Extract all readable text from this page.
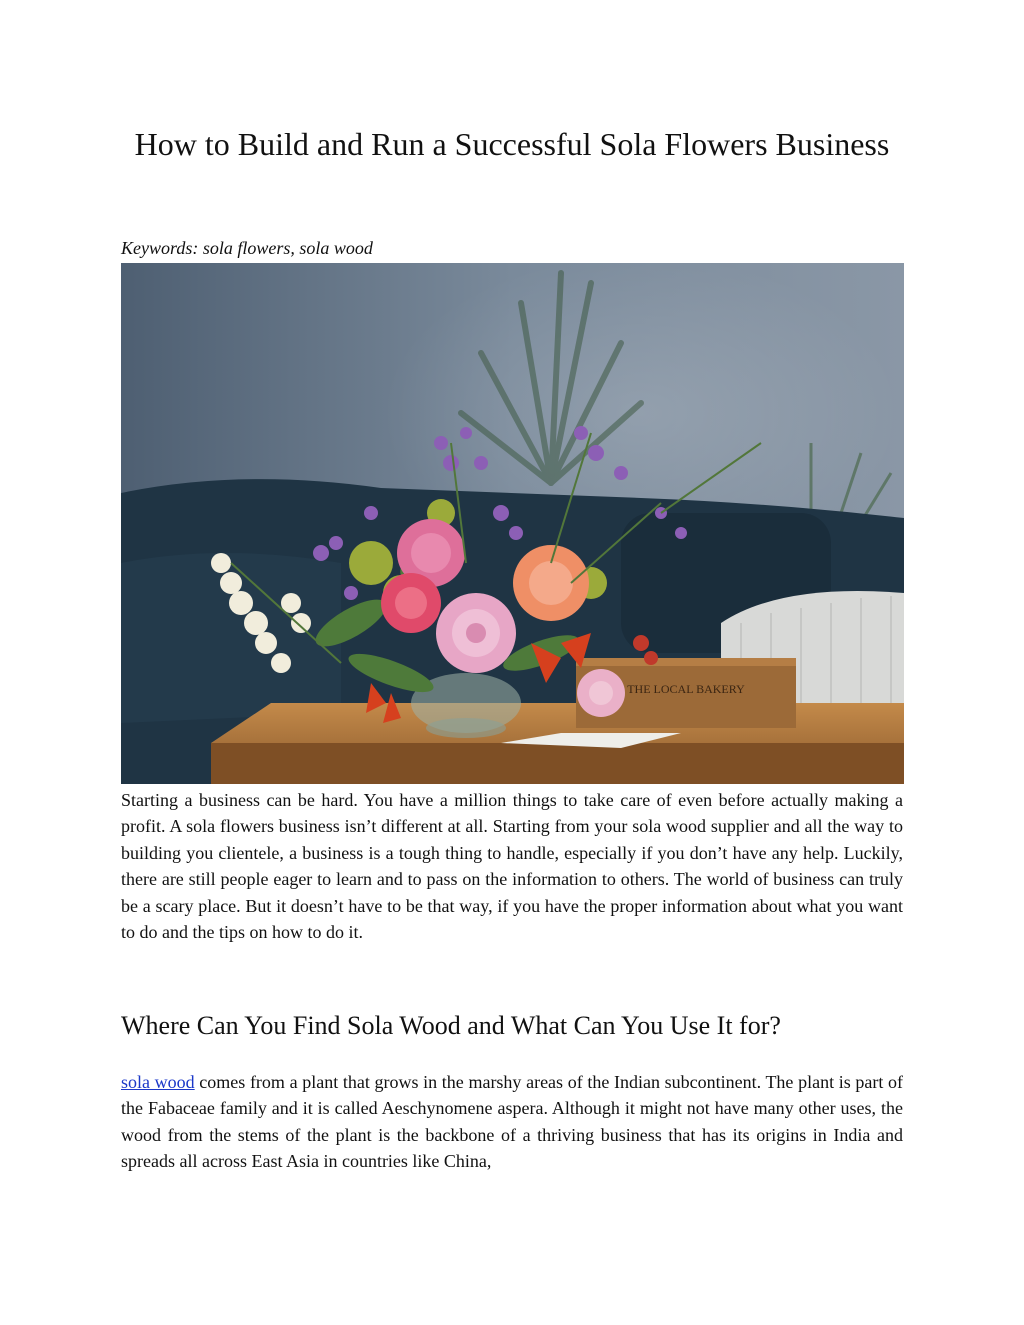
How to Build and Run a Successful Sola Flowers Business

Keywords: sola flowers, sola wood

THE LOCAL BAKERY

Starting a business can be hard. You have a million things to take care of even before actually making a profit. A sola flowers business isn’t different at all. Starting from your sola wood supplier and all the way to building you clientele, a business is a tough thing to handle, especially if you don’t have any help. Luckily, there are still people eager to learn and to pass on the information to others. The world of business can truly be a scary place. But it doesn’t have to be that way, if you have the proper information about what you want to do and the tips on how to do it.

Where Can You Find Sola Wood and What Can You Use It for?

sola wood comes from a plant that grows in the marshy areas of the Indian subcontinent. The plant is part of the Fabaceae family and it is called Aeschynomene aspera. Although it might not have many other uses, the wood from the stems of the plant is the backbone of a thriving business that has its origins in India and spreads all across East Asia in countries like China,
